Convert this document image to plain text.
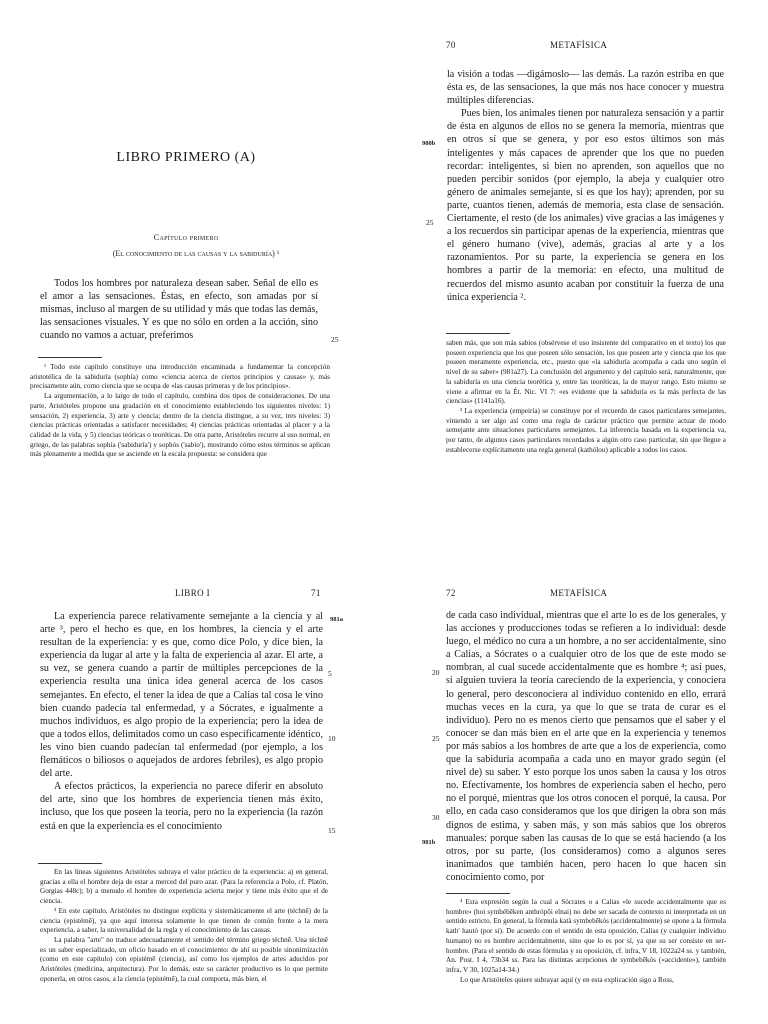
LIBRO PRIMERO (A)
Capítulo primero
(El conocimiento de las causas y la sabiduría) ¹

Todos los hombres por naturaleza desean saber. Señal de ello es el amor a las sensaciones. Éstas, en efecto, son amadas por sí mismas, incluso al margen de su utilidad y más que todas las demás, las sensaciones visuales. Y es que no sólo en orden a la acción, sino cuando no vamos a actuar, preferimos	25

¹ Todo este capítulo constituye una introducción encaminada a fundamentar la concepción aristotélica de la sabiduría (sophía) como «ciencia acerca de ciertos principios y causas» y, más precisamente aún, como ciencia que se ocupa de «las causas primeras y de los principios».

La argumentación, a lo largo de todo el capítulo, combina dos tipos de consideraciones. De una parte, Aristóteles propone una gradación en el conocimiento estableciendo los siguientes niveles: 1) sensación, 2) experiencia, 3) arte y ciencia; dentro de la ciencia distingue, a su vez, tres niveles: 3) ciencias prácticas orientadas a satisfacer necesidades; 4) ciencias prácticas orientadas al placer y a la calidad de la vida, y 5) ciencias teóricas o teoréticas. De otra parte, Aristóteles recurre al uso normal, en griego, de las palabras sophía ('sabiduría') y sophós ('sabio'), mostrando cómo estos términos se aplican más plenamente a medida que se asciende en la escala propuesta: se considera que

70	METAFÍSICA
980b
25

la visión a todas —digámoslo— las demás. La razón estriba en que ésta es, de las sensaciones, la que más nos hace conocer y muestra múltiples diferencias.

Pues bien, los animales tienen por naturaleza sensación y a partir de ésta en algunos de ellos no se genera la memoria, mientras que en otros sí que se genera, y por eso estos últimos son más inteligentes y más capaces de aprender que los que no pueden recordar: inteligentes, si bien no aprenden, son aquellos que no pueden percibir sonidos (por ejemplo, la abeja y cualquier otro género de animales semejante, si es que los hay); aprenden, por su parte, cuantos tienen, además de memoria, esta clase de sensación. Ciertamente, el resto (de los animales) vive gracias a las imágenes y a los recuerdos sin participar apenas de la experiencia, mientras que el género humano (vive), además, gracias al arte y a los razonamientos. Por su parte, la experiencia se genera en los hombres a partir de la memoria: en efecto, una multitud de recuerdos del mismo asunto acaban por constituir la fuerza de una única experiencia ².

saben más, que son más sabios (obsérvese el uso insistente del comparativo en el texto) los que poseen experiencia que los que poseen sólo sensación, los que poseen arte y ciencia que los que poseen meramente experiencia, etc., puesto que «la sabiduría acompaña a cada uno según el nivel de su saber» (981a27). La conclusión del argumento y del capítulo será, naturalmente, que la sabiduría es una ciencia teorética y, entre las teoréticas, la de mayor rango. Esto mismo se viene a afirmar en la Ét. Nic. VI 7: «es evidente que la sabiduría es la más perfecta de las ciencias» (1141a16).

² La experiencia (empeiría) se constituye por el recuerdo de casos particulares semejantes, viniendo a ser algo así como una regla de carácter práctico que permite actuar de modo semejante ante situaciones particulares semejantes. La inferencia basada en la experiencia va, por tanto, de algunos casos particulares recordados a algún otro caso particular, sin que llegue a establecerse explícitamente una regla general (kathólou) aplicable a todos los casos.

LIBRO I	71
981a
5
10
15

La experiencia parece relativamente semejante a la ciencia y al arte ³, pero el hecho es que, en los hombres, la ciencia y el arte resultan de la experiencia: y es que, como dice Polo, y dice bien, la experiencia da lugar al arte y la falta de experiencia al azar. El arte, a su vez, se genera cuando a partir de múltiples percepciones de la experiencia resulta una única idea general acerca de los casos semejantes. En efecto, el tener la idea de que a Calias tal cosa le vino bien cuando padecía tal enfermedad, y a Sócrates, e igualmente a muchos individuos, es algo propio de la experiencia; pero la idea de que a todos ellos, delimitados como un caso específicamente idéntico, les vino bien cuando padecían tal enfermedad (por ejemplo, a los flemáticos o biliosos o aquejados de ardores febriles), es algo propio del arte.

A efectos prácticos, la experiencia no parece diferir en absoluto del arte, sino que los hombres de experiencia tienen más éxito, incluso, que los que poseen la teoría, pero no la experiencia (la razón está en que la experiencia es el conocimiento

En las líneas siguientes Aristóteles subraya el valor práctico de la experiencia: a) en general, gracias a ella el hombre deja de estar a merced del puro azar. (Para la referencia a Polo, cf. Platón, Gorgias 448c); b) a menudo el hombre de experiencia acierta mejor y tiene más éxito que el de ciencia.

³ En este capítulo, Aristóteles no distingue explícita y sistemáticamente el arte (téchnē) de la ciencia (epistémē), ya que aquí interesa solamente lo que tienen de común frente a la mera experiencia, a saber, la universalidad de la regla y el conocimiento de las causas.

La palabra "arte" no traduce adecuadamente el sentido del término griego téchnē. Una téchnē es un saber especializado, un oficio basado en el conocimiento: de ahí su posible sinonimización (como en este capítulo) con epistémē (ciencia), así como los ejemplos de artes aducidos por Aristóteles (medicina, arquitectura). Por lo demás, este su carácter productivo es lo que permite oponerla, en otros casos, a la ciencia (epistémē), la cual comporta, más bien, el

72	METAFÍSICA
20
25
30
981b

de cada caso individual, mientras que el arte lo es de los generales, y las acciones y producciones todas se refieren a lo individual: desde luego, el médico no cura a un hombre, a no ser accidentalmente, sino a Calias, a Sócrates o a cualquier otro de los que de este modo se nombran, al cual sucede accidentalmente que es hombre ⁴; así pues, si alguien tuviera la teoría careciendo de la experiencia, y conociera lo general, pero desconociera al individuo contenido en ello, errará muchas veces en la cura, ya que lo que se trata de curar es el individuo). Pero no es menos cierto que pensamos que el saber y el conocer se dan más bien en el arte que en la experiencia y tenemos por más sabios a los hombres de arte que a los de experiencia, como que la sabiduría acompaña a cada uno en mayor grado según (el nivel de) su saber. Y esto porque los unos saben la causa y los otros no. Efectivamente, los hombres de experiencia saben el hecho, pero no el porqué, mientras que los otros conocen el porqué, la causa. Por ello, en cada caso consideramos que los que dirigen la obra son más dignos de estima, y saben más, y son más sabios que los obreros manuales: porque saben las causas de lo que se está haciendo (a los otros, por su parte, (los consideramos) como a algunos seres inanimados que también hacen, pero hacen lo que hacen sin conocimiento como, por

⁴ Esta expresión según la cual a Sócrates o a Calias «le sucede accidentalmente que es hombre» (hoi symbébēken anthrópōi eînai) no debe ser sacada de contexto ni interpretada en un sentido estricto. En general, la fórmula katà symbebēkós (accidentalmente) se opone a la fórmula kath' hautó (por sí). De acuerdo con el sentido de esta oposición, Calias (y cualquier individuo humano) no es hombre accidentalmente, sino que lo es por sí, ya que su ser consiste en ser-hombre. (Para el sentido de estas fórmulas y su oposición, cf. infra, V 18, 1022a24 ss. y también, An. Post. I 4, 73b34 ss. Para las distintas acepciones de symbebēkós («accidente»), también infra, V 30, 1025a14-34.)

Lo que Aristóteles quiere subrayar aquí (y en esta explicación sigo a Ross,
